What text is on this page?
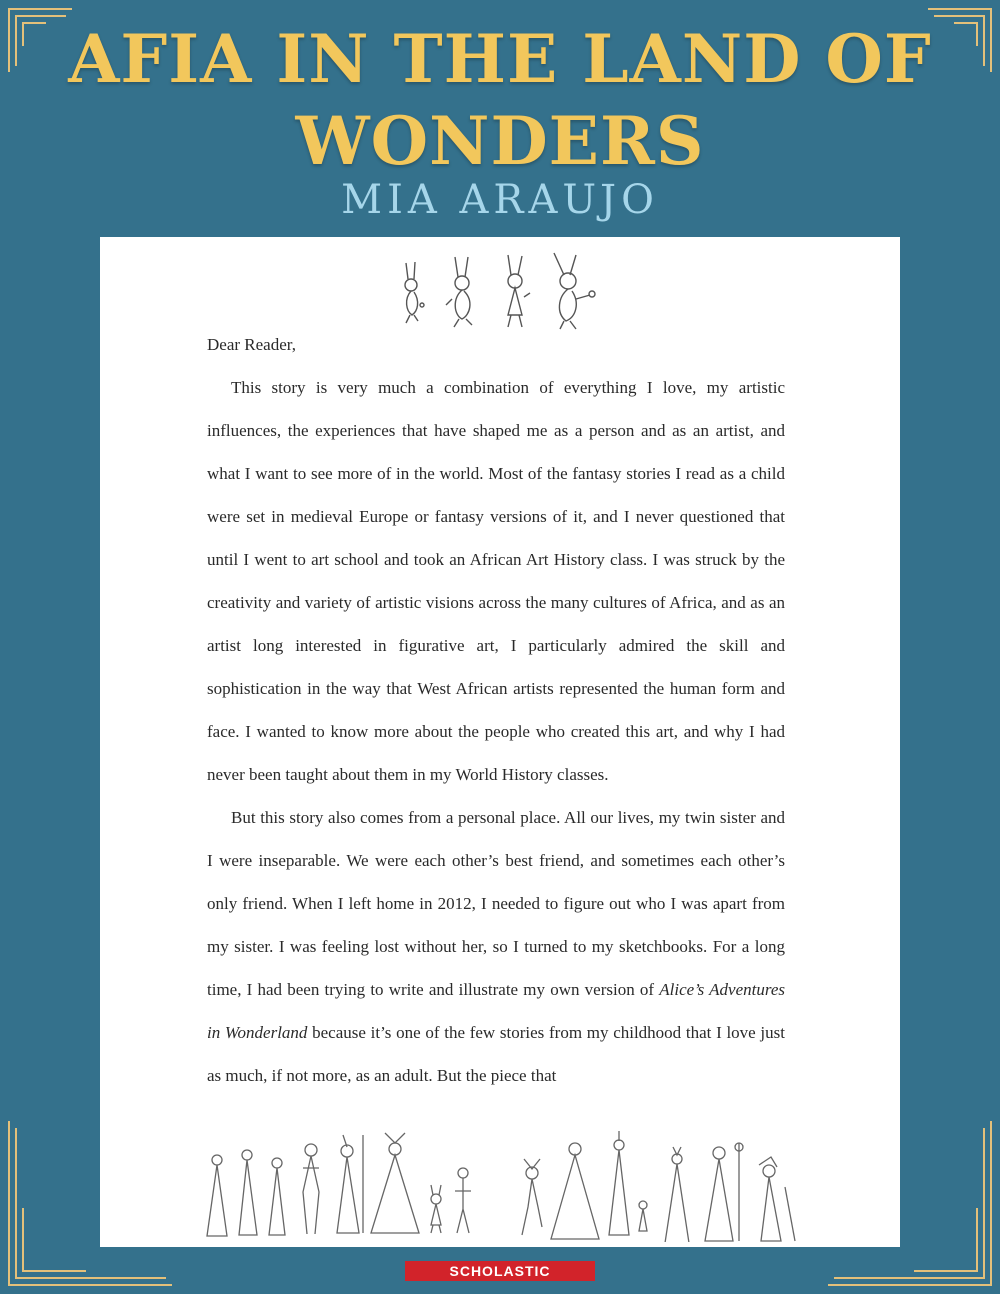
AFIA IN THE LAND OF WONDERS
MIA ARAUJO

Dear Reader,

This story is very much a combination of everything I love, my artistic influences, the experiences that have shaped me as a person and as an artist, and what I want to see more of in the world. Most of the fantasy stories I read as a child were set in medieval Europe or fantasy versions of it, and I never questioned that until I went to art school and took an African Art History class. I was struck by the creativity and variety of artistic visions across the many cultures of Africa, and as an artist long interested in figurative art, I particularly admired the skill and sophistication in the way that West African artists represented the human form and face. I wanted to know more about the people who created this art, and why I had never been taught about them in my World History classes.

But this story also comes from a personal place. All our lives, my twin sister and I were inseparable. We were each other’s best friend, and sometimes each other’s only friend. When I left home in 2012, I needed to figure out who I was apart from my sister. I was feeling lost without her, so I turned to my sketchbooks. For a long time, I had been trying to write and illustrate my own version of Alice’s Adventures in Wonderland because it’s one of the few stories from my childhood that I love just as much, if not more, as an adult. But the piece that

SCHOLASTIC
